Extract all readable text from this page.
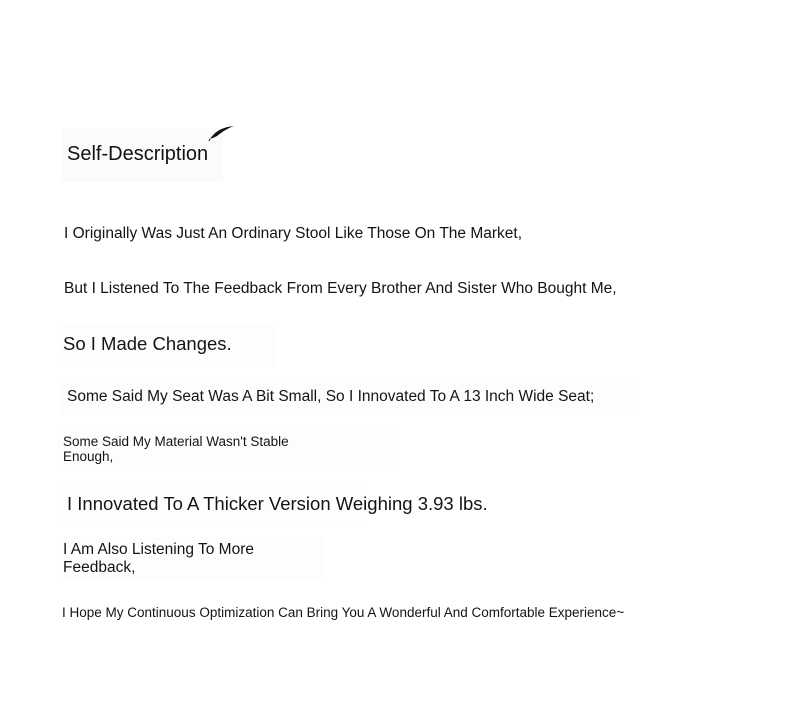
Self-Description
I Originally Was Just An Ordinary Stool Like Those On The Market,
But I Listened To The Feedback From Every Brother And Sister Who Bought Me,
So I Made Changes.
Some Said My Seat Was A Bit Small, So I Innovated To A 13 Inch Wide Seat;
Some Said My Material Wasn't Stable Enough,
I Innovated To A Thicker Version Weighing 3.93 lbs.
I Am Also Listening To More Feedback,
I Hope My Continuous Optimization Can Bring You A Wonderful And Comfortable Experience~
